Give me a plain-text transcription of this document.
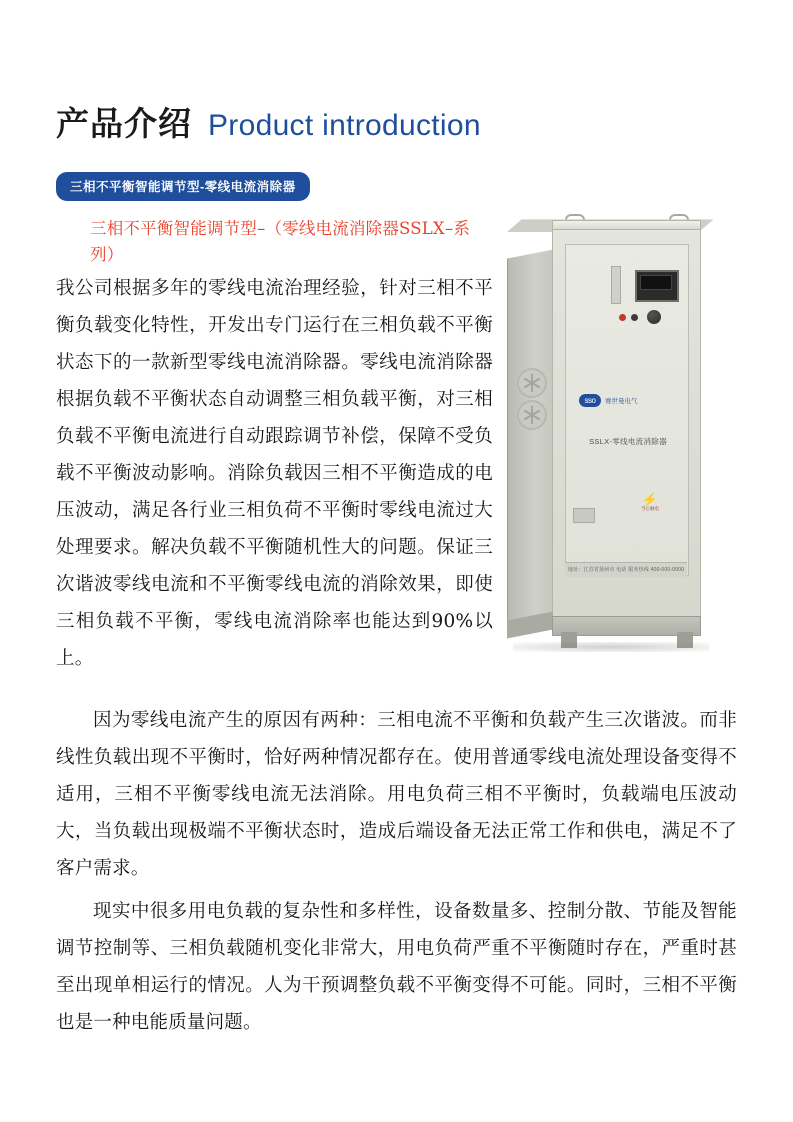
产品介绍 Product introduction
三相不平衡智能调节型-零线电流消除器
sso	赛世曼电气
SSLX-零线电流消除器
⚡
当心触电
地址：江苏省扬州市 电话 服务热线 400-000-0000
三相不平衡智能调节型–（零线电流消除器SSLX–系列）
我公司根据多年的零线电流治理经验，针对三相不平衡负载变化特性，开发出专门运行在三相负载不平衡状态下的一款新型零线电流消除器。零线电流消除器根据负载不平衡状态自动调整三相负载平衡，对三相负载不平衡电流进行自动跟踪调节补偿，保障不受负载不平衡波动影响。消除负载因三相不平衡造成的电压波动，满足各行业三相负荷不平衡时零线电流过大处理要求。解决负载不平衡随机性大的问题。保证三次谐波零线电流和不平衡零线电流的消除效果，即使三相负载不平衡，零线电流消除率也能达到90%以上。
因为零线电流产生的原因有两种：三相电流不平衡和负载产生三次谐波。而非线性负载出现不平衡时，恰好两种情况都存在。使用普通零线电流处理设备变得不适用，三相不平衡零线电流无法消除。用电负荷三相不平衡时，负载端电压波动大，当负载出现极端不平衡状态时，造成后端设备无法正常工作和供电，满足不了客户需求。
现实中很多用电负载的复杂性和多样性，设备数量多、控制分散、节能及智能调节控制等、三相负载随机变化非常大，用电负荷严重不平衡随时存在，严重时甚至出现单相运行的情况。人为干预调整负载不平衡变得不可能。同时，三相不平衡也是一种电能质量问题。
